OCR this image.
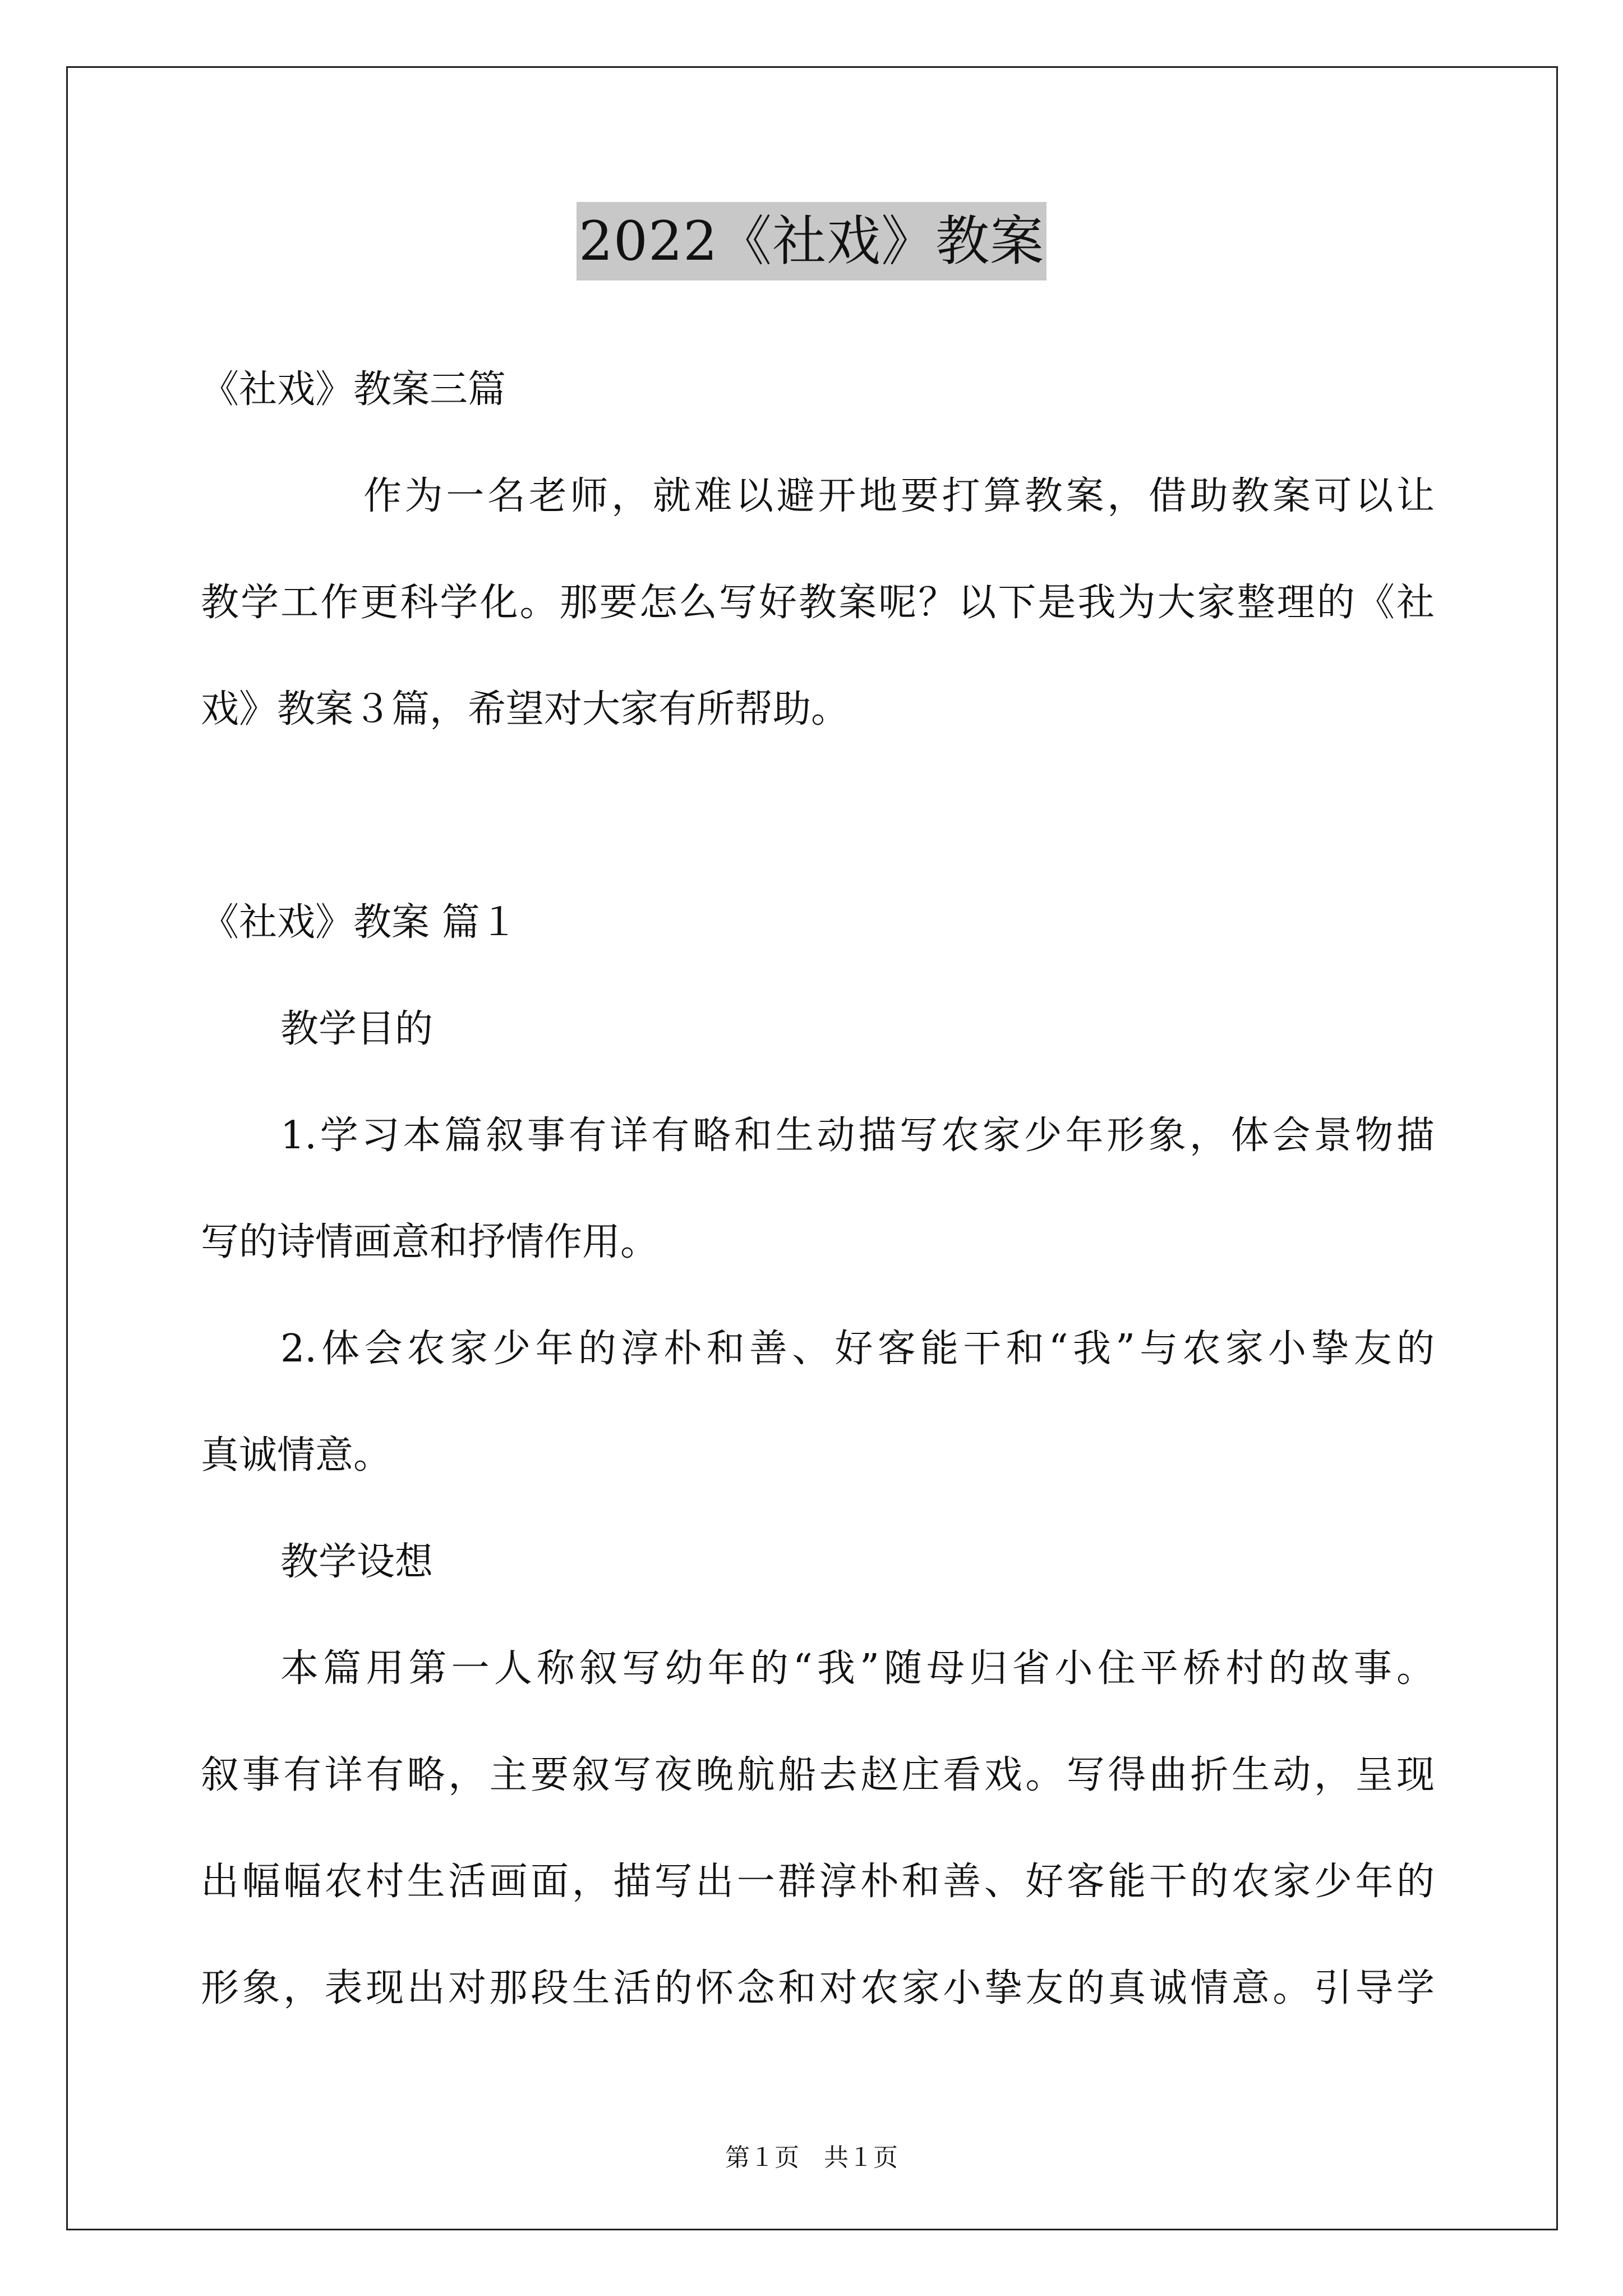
2022《社戏》教案
《社戏》教案三篇
作为一名老师，就难以避开地要打算教案，借助教案可以让
教学工作更科学化。那要怎么写好教案呢？以下是我为大家整理的《社
戏》教案３篇，希望对大家有所帮助。
《社戏》教案 篇１
教学目的
1.学习本篇叙事有详有略和生动描写农家少年形象，体会景物描
写的诗情画意和抒情作用。
2.体会农家少年的淳朴和善、好客能干和“我”与农家小挚友的
真诚情意。
教学设想
本篇用第一人称叙写幼年的“我”随母归省小住平桥村的故事。
叙事有详有略，主要叙写夜晚航船去赵庄看戏。写得曲折生动，呈现
出幅幅农村生活画面，描写出一群淳朴和善、好客能干的农家少年的
形象，表现出对那段生活的怀念和对农家小挚友的真诚情意。引导学
第１页　共１页
